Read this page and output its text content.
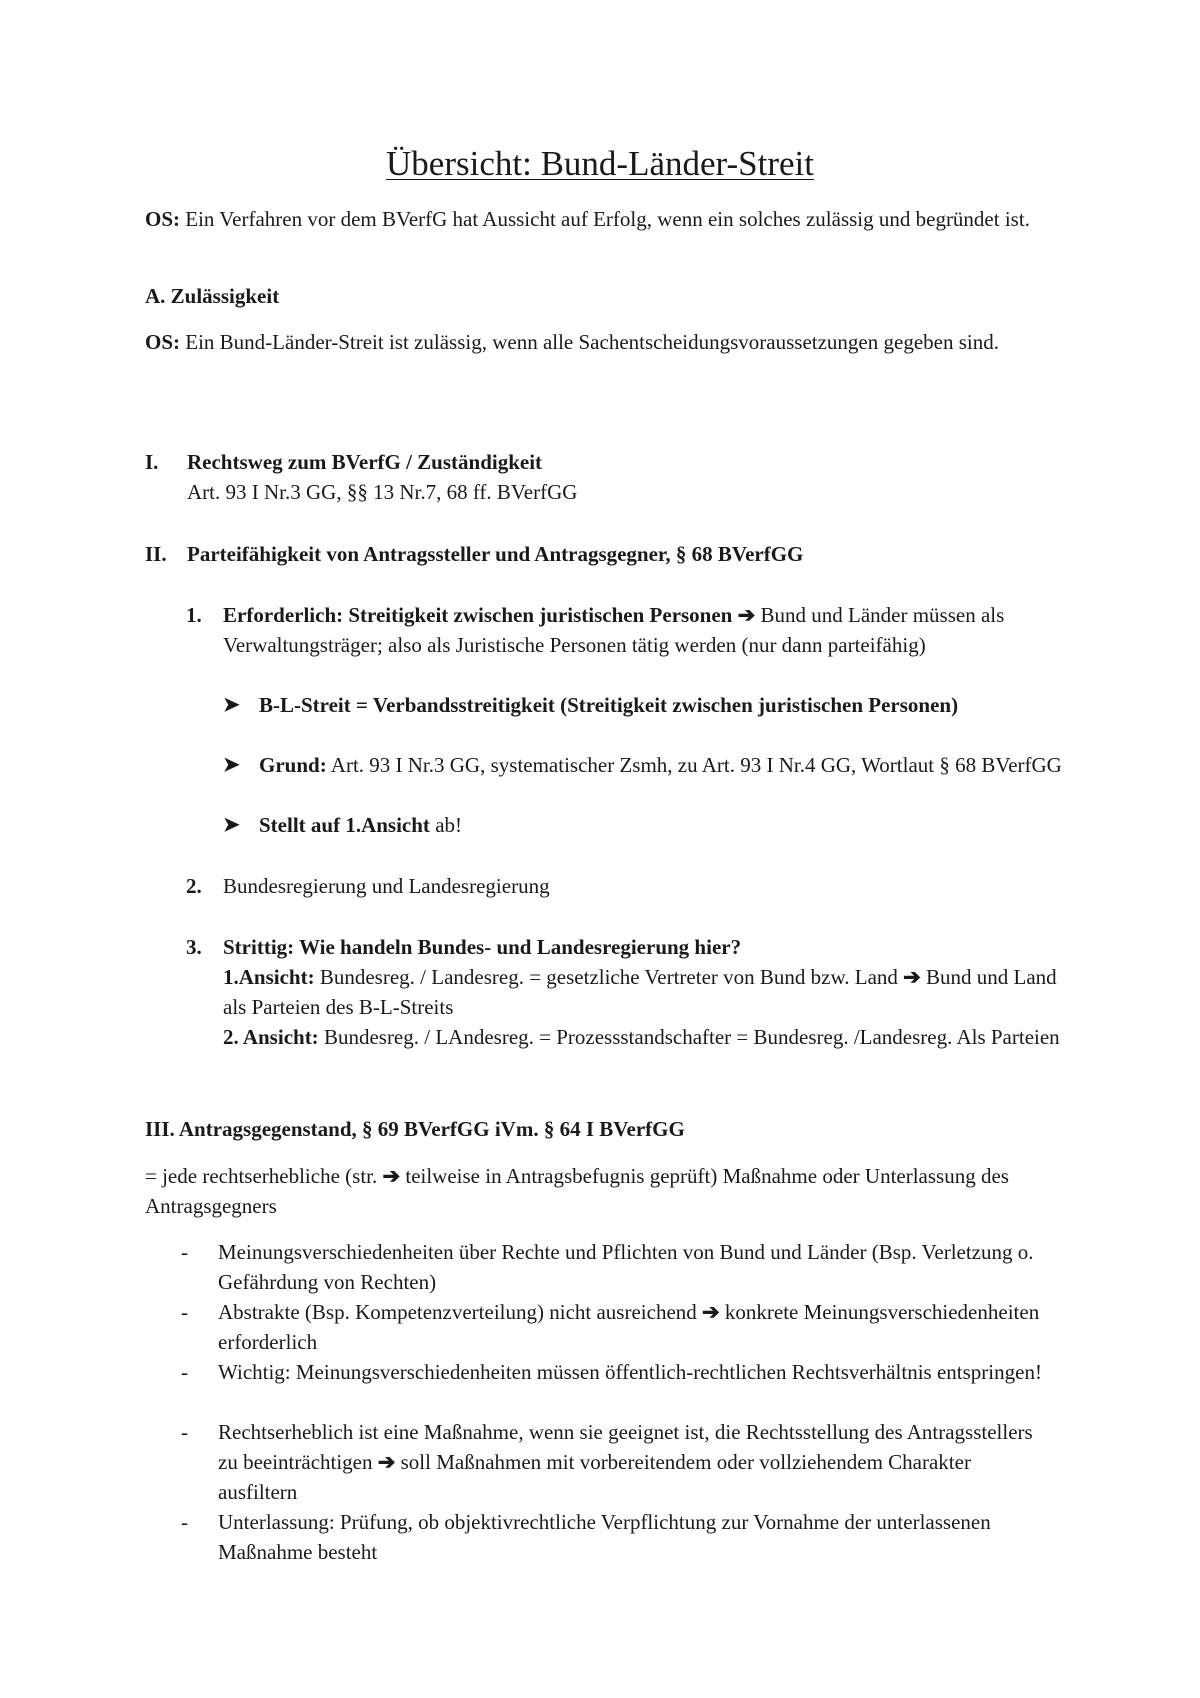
Übersicht: Bund-Länder-Streit
OS: Ein Verfahren vor dem BVerfG hat Aussicht auf Erfolg, wenn ein solches zulässig und begründet ist.
A. Zulässigkeit
OS: Ein Bund-Länder-Streit ist zulässig, wenn alle Sachentscheidungsvoraussetzungen gegeben sind.
I. Rechtsweg zum BVerfG / Zuständigkeit
Art. 93 I Nr.3 GG, §§ 13 Nr.7, 68 ff. BVerfGG
II. Parteifähigkeit von Antragssteller und Antragsgegner, § 68 BVerfGG
1. Erforderlich: Streitigkeit zwischen juristischen Personen ➔ Bund und Länder müssen als Verwaltungsträger; also als Juristische Personen tätig werden (nur dann parteifähig)
➤ B-L-Streit = Verbandsstreitigkeit (Streitigkeit zwischen juristischen Personen)
➤ Grund: Art. 93 I Nr.3 GG, systematischer Zsmh, zu Art. 93 I Nr.4 GG, Wortlaut § 68 BVerfGG
➤ Stellt auf 1.Ansicht ab!
2. Bundesregierung und Landesregierung
3. Strittig: Wie handeln Bundes- und Landesregierung hier?
1.Ansicht: Bundesreg. / Landesreg. = gesetzliche Vertreter von Bund bzw. Land ➔ Bund und Land als Parteien des B-L-Streits
2. Ansicht: Bundesreg. / LAndesreg. = Prozessstandschafter = Bundesreg. /Landesreg. Als Parteien
III. Antragsgegenstand, § 69 BVerfGG iVm. § 64 I BVerfGG
= jede rechtserhebliche (str. ➔ teilweise in Antragsbefugnis geprüft) Maßnahme oder Unterlassung des Antragsgegners
- Meinungsverschiedenheiten über Rechte und Pflichten von Bund und Länder (Bsp. Verletzung o. Gefährdung von Rechten)
- Abstrakte (Bsp. Kompetenzverteilung) nicht ausreichend ➔ konkrete Meinungsverschiedenheiten erforderlich
- Wichtig: Meinungsverschiedenheiten müssen öffentlich-rechtlichen Rechtsverhältnis entspringen!
- Rechtserheblich ist eine Maßnahme, wenn sie geeignet ist, die Rechtsstellung des Antragsstellers zu beeinträchtigen ➔ soll Maßnahmen mit vorbereitendem oder vollziehendem Charakter ausfiltern
- Unterlassung: Prüfung, ob objektivrechtliche Verpflichtung zur Vornahme der unterlassenen Maßnahme besteht
